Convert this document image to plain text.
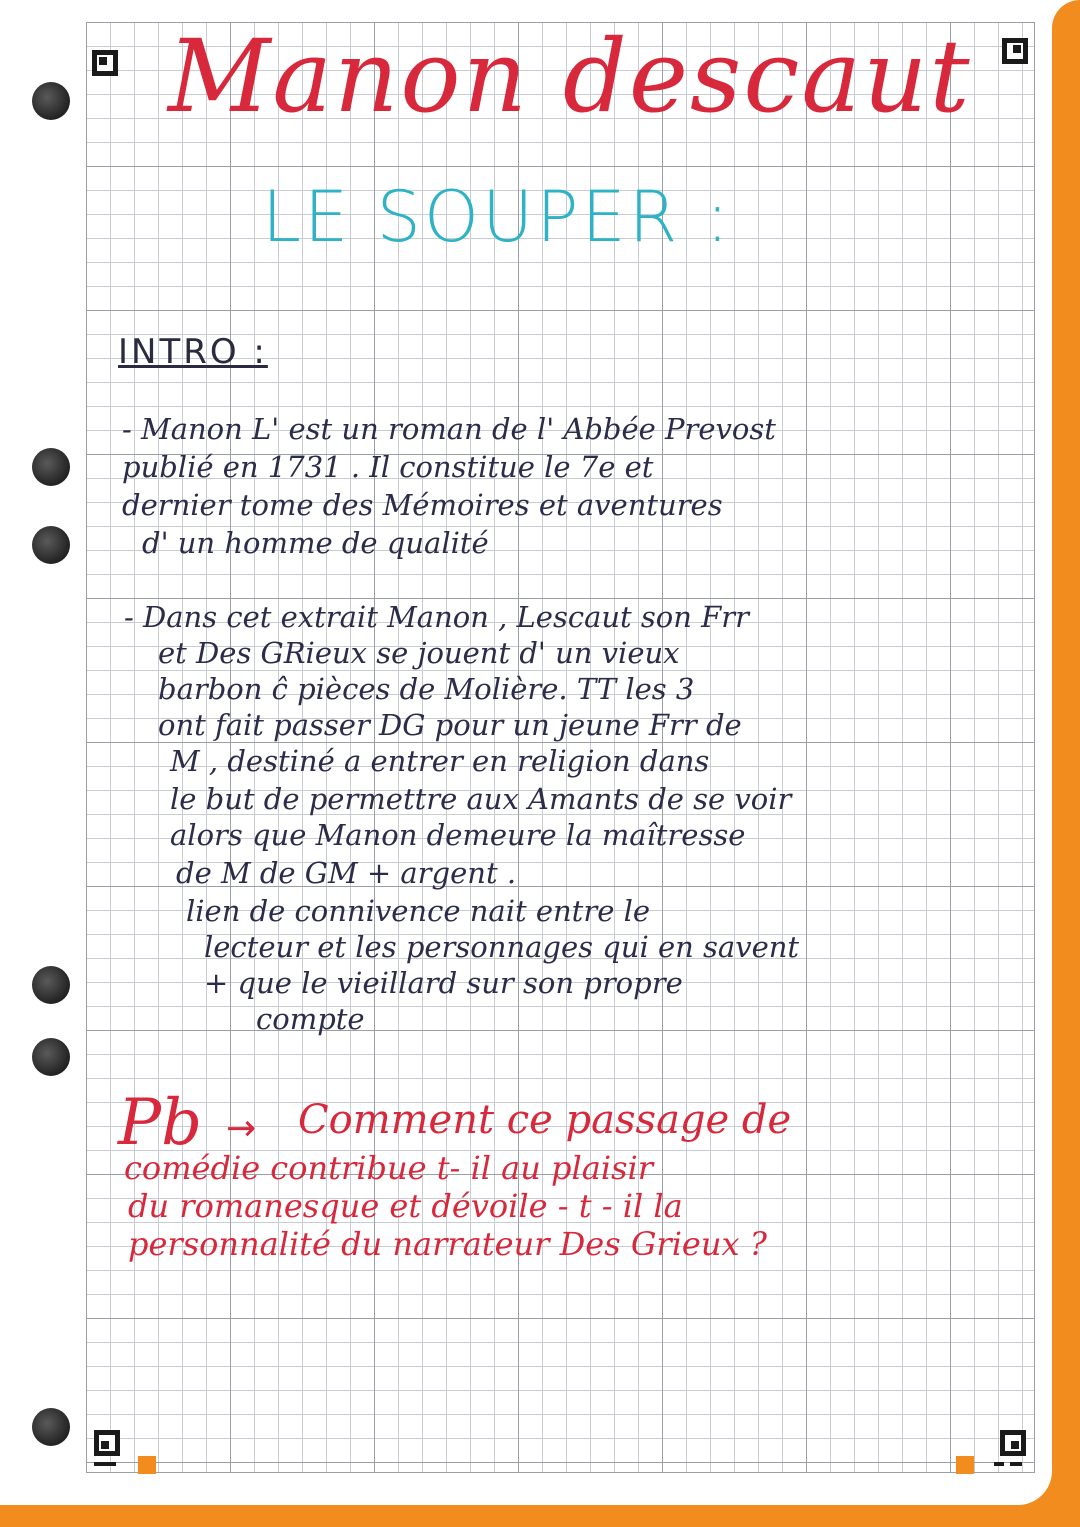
Manon descaut
LE SOUPER :
INTRO :
- Manon L' est un roman de l' Abbée Prevost
publié en 1731 . Il constitue le 7e et
dernier tome des Mémoires et aventures
d' un homme de qualité
- Dans cet extrait Manon , Lescaut son Frr
et Des GRieux se jouent d' un vieux
barbon ĉ pièces de Molière. TT les 3
ont fait passer DG pour un jeune Frr de
M , destiné a entrer en religion dans
le but de permettre aux Amants de se voir
alors que Manon demeure la maîtresse
de M de GM + argent .
lien de connivence nait entre le
lecteur et les personnages qui en savent
+ que le vieillard sur son propre
compte
Pb → Comment ce passage de
comédie contribue t- il au plaisir
du romanesque et dévoile - t - il la
personnalité du narrateur Des Grieux ?
